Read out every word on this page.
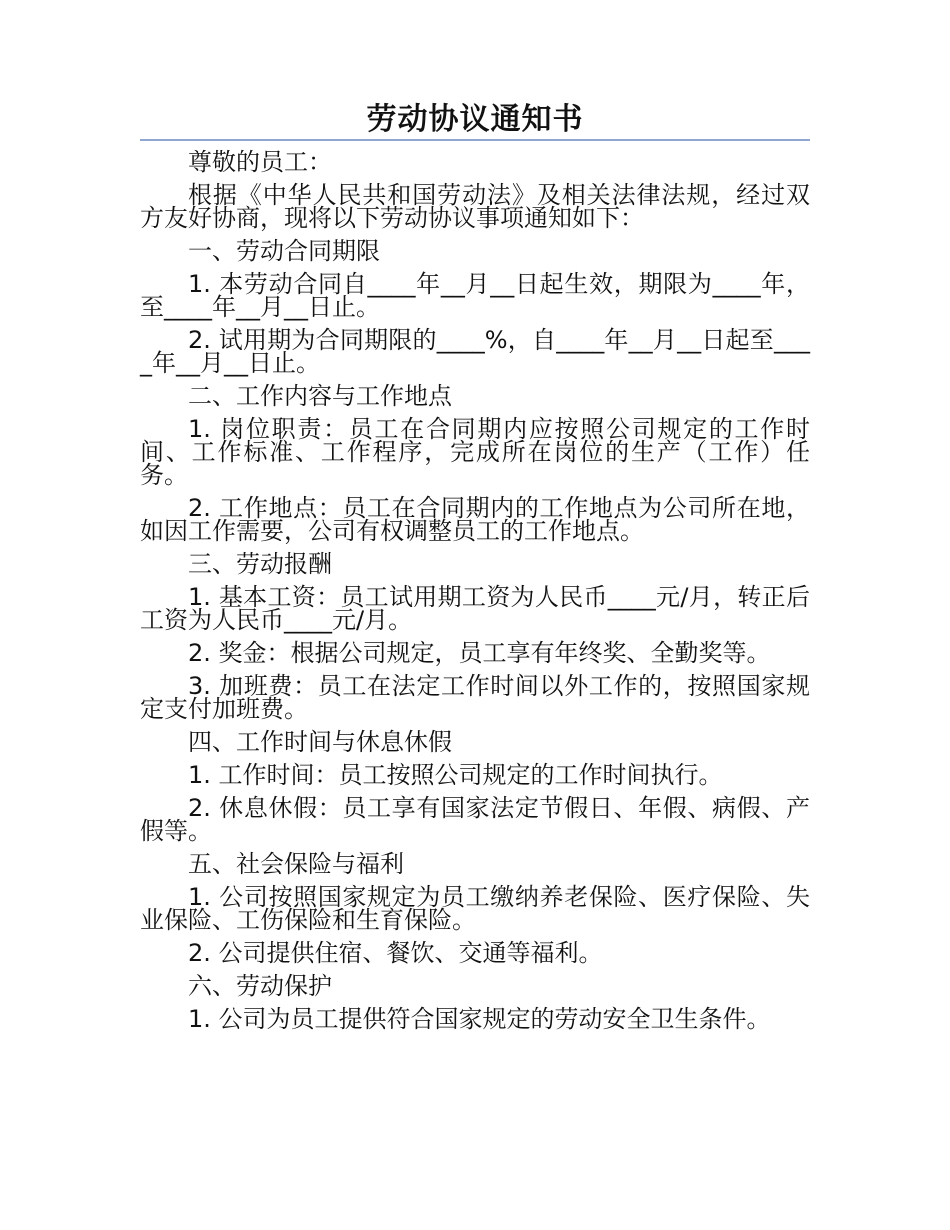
劳动协议通知书

尊敬的员工：

根据《中华人民共和国劳动法》及相关法律法规，经过双方友好协商，现将以下劳动协议事项通知如下：

一、劳动合同期限

1. 本劳动合同自____年__月__日起生效，期限为____年，至____年__月__日止。

2. 试用期为合同期限的____%，自____年__月__日起至____年__月__日止。

二、工作内容与工作地点

1. 岗位职责：员工在合同期内应按照公司规定的工作时间、工作标准、工作程序，完成所在岗位的生产（工作）任务。

2. 工作地点：员工在合同期内的工作地点为公司所在地，如因工作需要，公司有权调整员工的工作地点。

三、劳动报酬

1. 基本工资：员工试用期工资为人民币____元/月，转正后工资为人民币____元/月。

2. 奖金：根据公司规定，员工享有年终奖、全勤奖等。

3. 加班费：员工在法定工作时间以外工作的，按照国家规定支付加班费。

四、工作时间与休息休假

1. 工作时间：员工按照公司规定的工作时间执行。

2. 休息休假：员工享有国家法定节假日、年假、病假、产假等。

五、社会保险与福利

1. 公司按照国家规定为员工缴纳养老保险、医疗保险、失业保险、工伤保险和生育保险。

2. 公司提供住宿、餐饮、交通等福利。

六、劳动保护

1. 公司为员工提供符合国家规定的劳动安全卫生条件。
